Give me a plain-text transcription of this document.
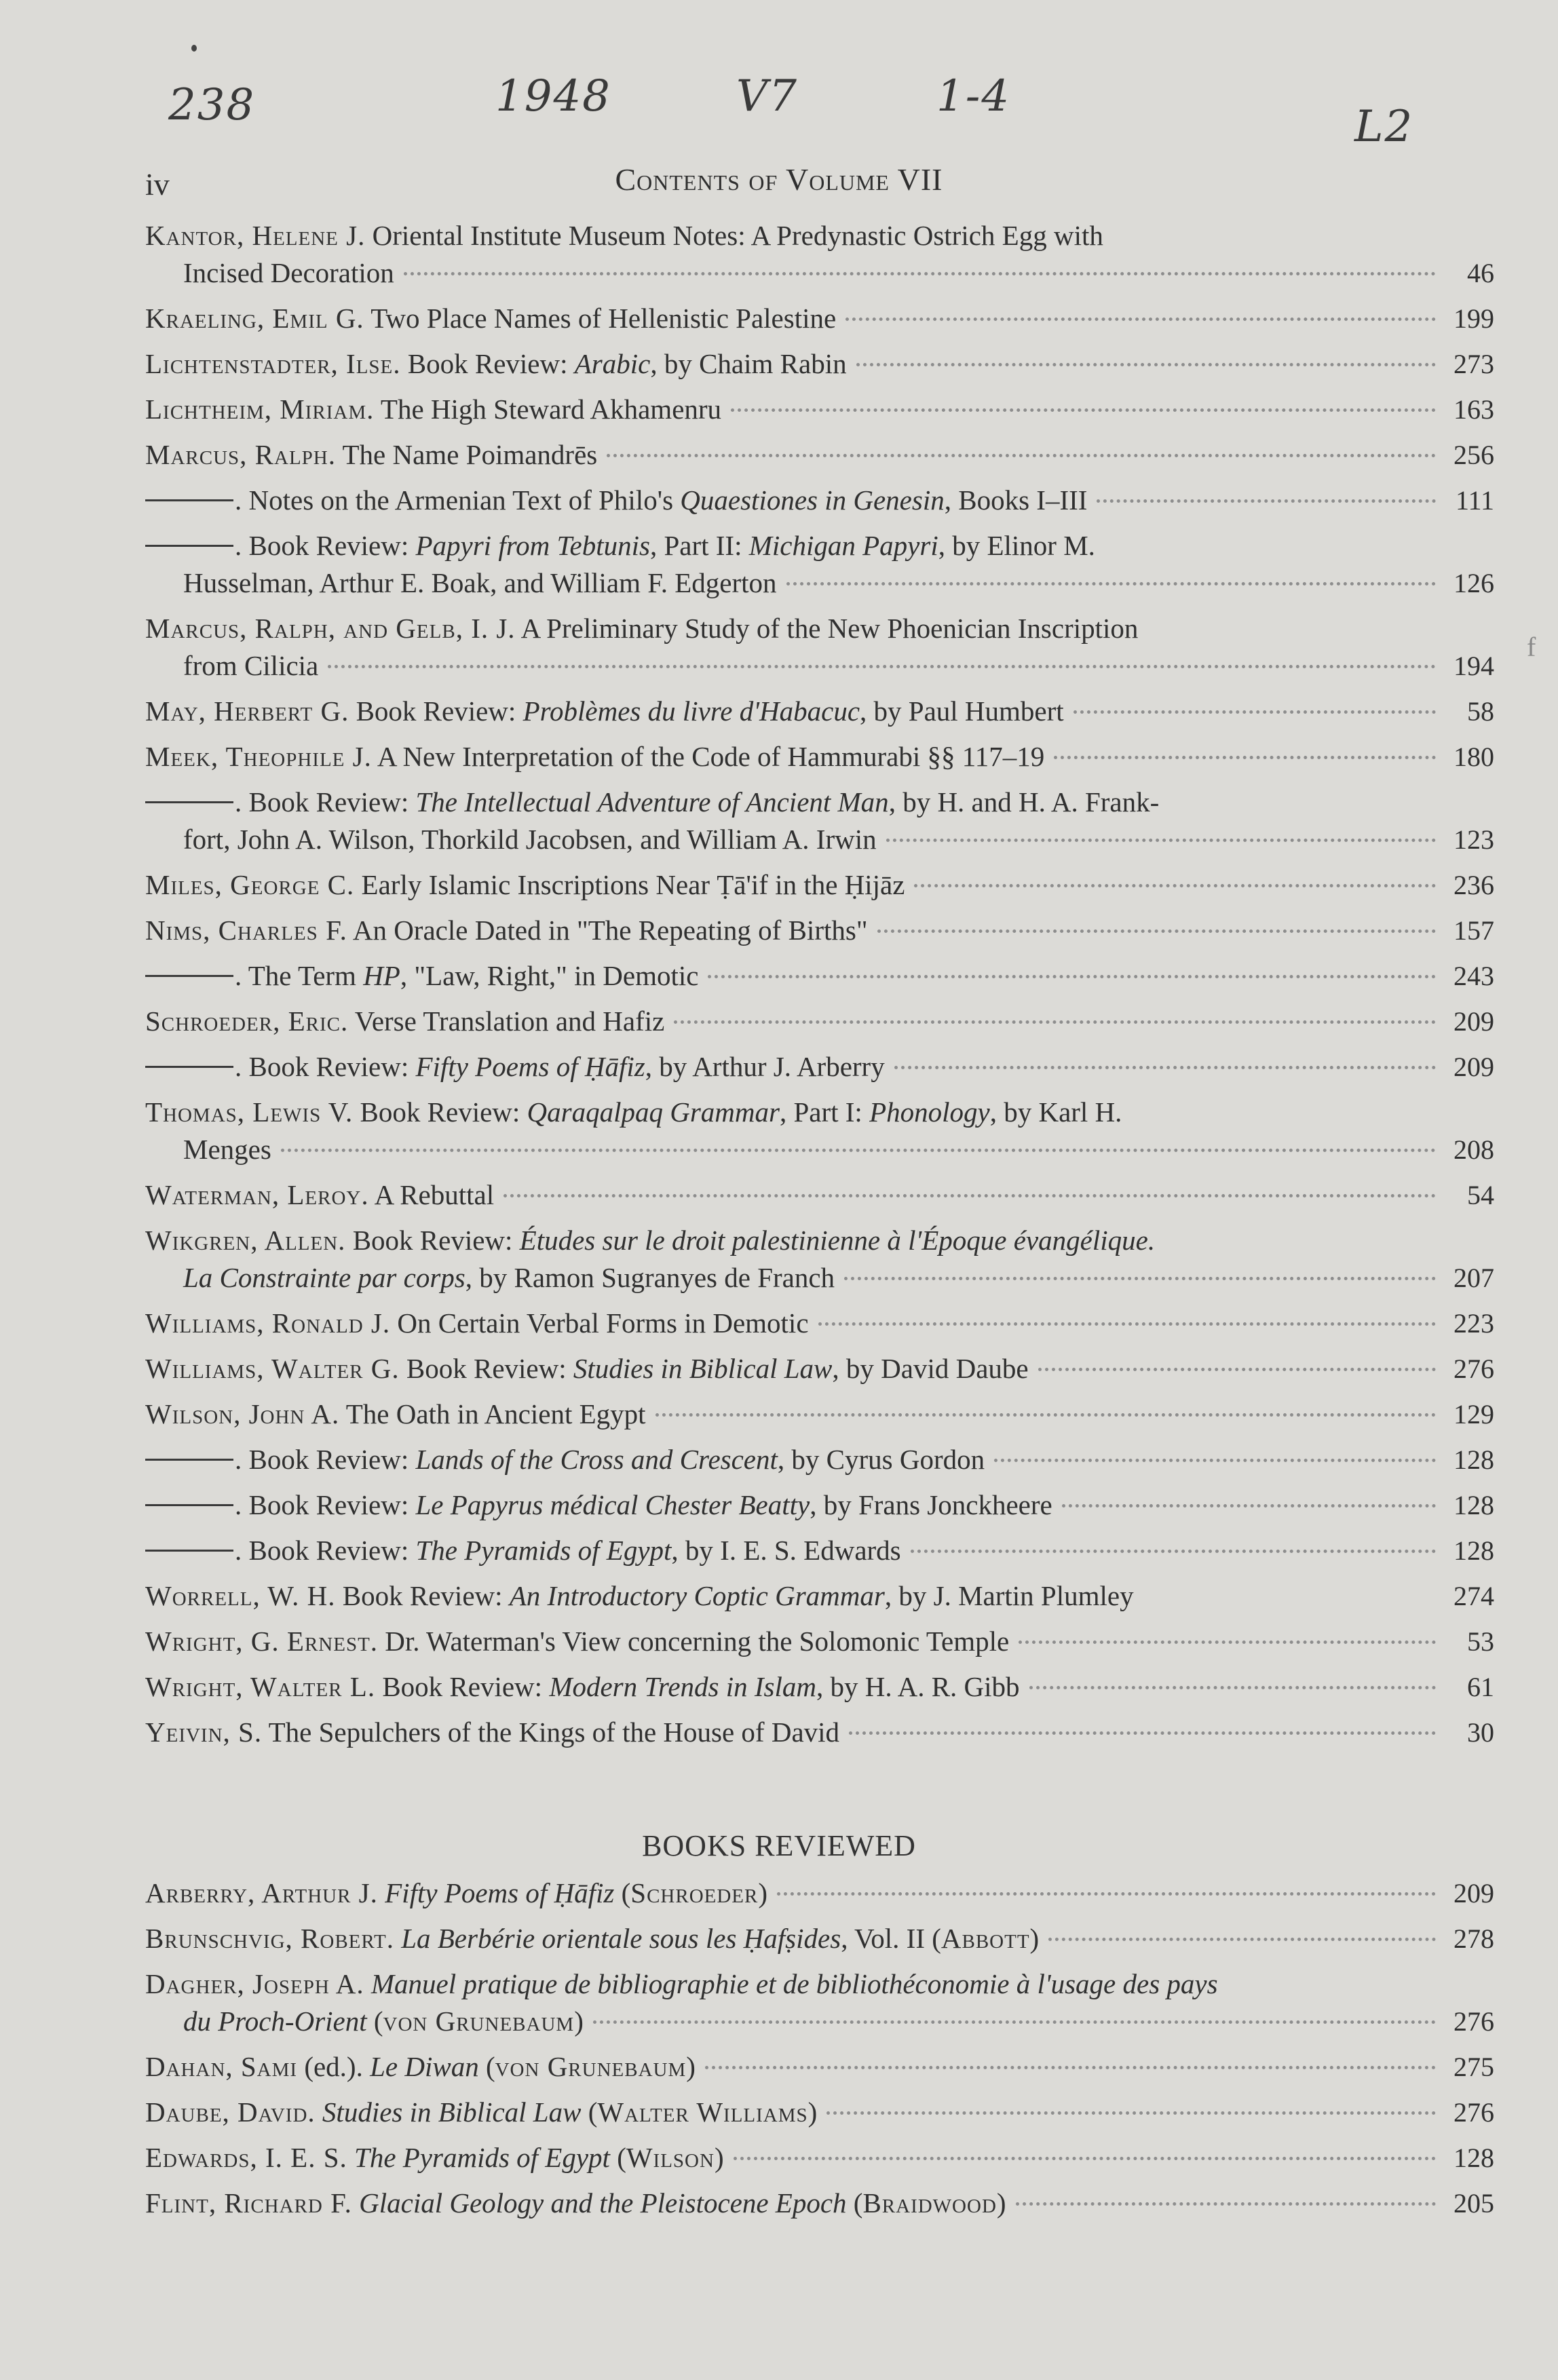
238	1948	V7	1-4
L2
f
iv	Contents of Volume VII
Kantor, Helene J. Oriental Institute Museum Notes: A Predynastic Ostrich Egg with
Incised Decoration	46
Kraeling, Emil G. Two Place Names of Hellenistic Palestine	199
Lichtenstadter, Ilse. Book Review: Arabic, by Chaim Rabin	273
Lichtheim, Miriam. The High Steward Akhamenru	163
Marcus, Ralph. The Name Poimandrēs	256
. Notes on the Armenian Text of Philo's Quaestiones in Genesin, Books I–III	111
. Book Review: Papyri from Tebtunis, Part II: Michigan Papyri, by Elinor M.
Husselman, Arthur E. Boak, and William F. Edgerton	126
Marcus, Ralph, and Gelb, I. J. A Preliminary Study of the New Phoenician Inscription
from Cilicia	194
May, Herbert G. Book Review: Problèmes du livre d'Habacuc, by Paul Humbert	58
Meek, Theophile J. A New Interpretation of the Code of Hammurabi §§ 117–19	180
. Book Review: The Intellectual Adventure of Ancient Man, by H. and H. A. Frank-
fort, John A. Wilson, Thorkild Jacobsen, and William A. Irwin	123
Miles, George C. Early Islamic Inscriptions Near Ṭā'if in the Ḥijāz	236
Nims, Charles F. An Oracle Dated in "The Repeating of Births"	157
. The Term HP, "Law, Right," in Demotic	243
Schroeder, Eric. Verse Translation and Hafiz	209
. Book Review: Fifty Poems of Ḥāfiz, by Arthur J. Arberry	209
Thomas, Lewis V. Book Review: Qaraqalpaq Grammar, Part I: Phonology, by Karl H.
Menges	208
Waterman, Leroy. A Rebuttal	54
Wikgren, Allen. Book Review: Études sur le droit palestinienne à l'Époque évangélique.
La Constrainte par corps, by Ramon Sugranyes de Franch	207
Williams, Ronald J. On Certain Verbal Forms in Demotic	223
Williams, Walter G. Book Review: Studies in Biblical Law, by David Daube	276
Wilson, John A. The Oath in Ancient Egypt	129
. Book Review: Lands of the Cross and Crescent, by Cyrus Gordon	128
. Book Review: Le Papyrus médical Chester Beatty, by Frans Jonckheere	128
. Book Review: The Pyramids of Egypt, by I. E. S. Edwards	128
Worrell, W. H. Book Review: An Introductory Coptic Grammar, by J. Martin Plumley	274
Wright, G. Ernest. Dr. Waterman's View concerning the Solomonic Temple	53
Wright, Walter L. Book Review: Modern Trends in Islam, by H. A. R. Gibb	61
Yeivin, S. The Sepulchers of the Kings of the House of David	30
BOOKS REVIEWED
Arberry, Arthur J. Fifty Poems of Ḥāfiz (Schroeder)	209
Brunschvig, Robert. La Berbérie orientale sous les Ḥafṣides, Vol. II (Abbott)	278
Dagher, Joseph A. Manuel pratique de bibliographie et de bibliothéconomie à l'usage des pays
du Proch-Orient (von Grunebaum)	276
Dahan, Sami (ed.). Le Diwan (von Grunebaum)	275
Daube, David. Studies in Biblical Law (Walter Williams)	276
Edwards, I. E. S. The Pyramids of Egypt (Wilson)	128
Flint, Richard F. Glacial Geology and the Pleistocene Epoch (Braidwood)	205
